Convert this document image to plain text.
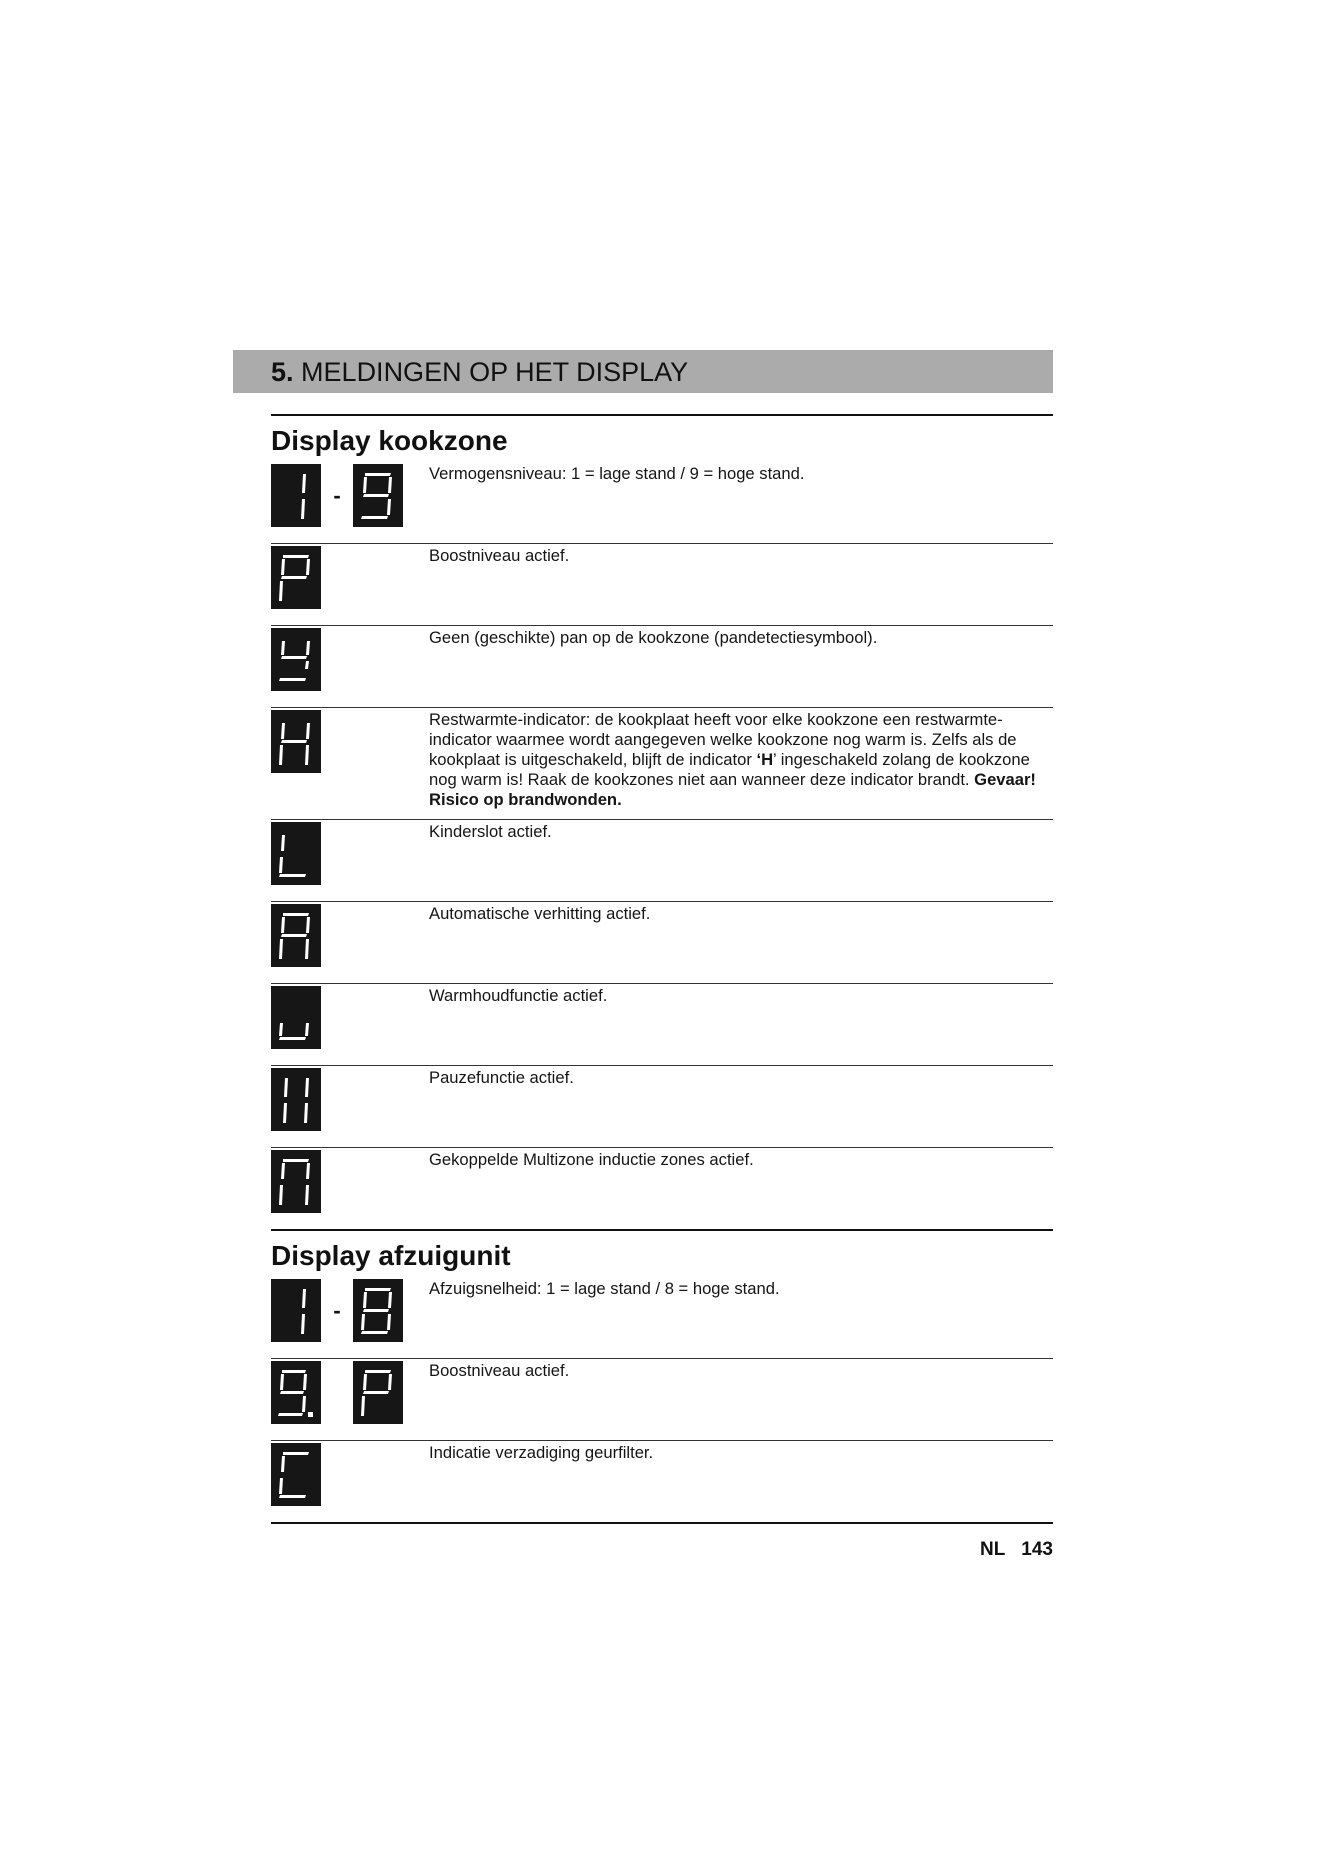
5. MELDINGEN OP HET DISPLAY
Display kookzone
-
Vermogensniveau: 1 = lage stand / 9 = hoge stand.
Boostniveau actief.
Geen (geschikte) pan op de kookzone (pandetectiesymbool).
Restwarmte-indicator: de kookplaat heeft voor elke kookzone een restwarmte-indicator waarmee wordt aangegeven welke kookzone nog warm is. Zelfs als de kookplaat is uitgeschakeld, blijft de indicator ‘H’ ingeschakeld zolang de kookzone nog warm is! Raak de kookzones niet aan wanneer deze indicator brandt. Gevaar! Risico op brandwonden.
Kinderslot actief.
Automatische verhitting actief.
Warmhoudfunctie actief.
Pauzefunctie actief.
Gekoppelde Multizone inductie zones actief.
Display afzuigunit
-
Afzuigsnelheid: 1 = lage stand / 8 = hoge stand.
Boostniveau actief.
Indicatie verzadiging geurfilter.
NL 143
